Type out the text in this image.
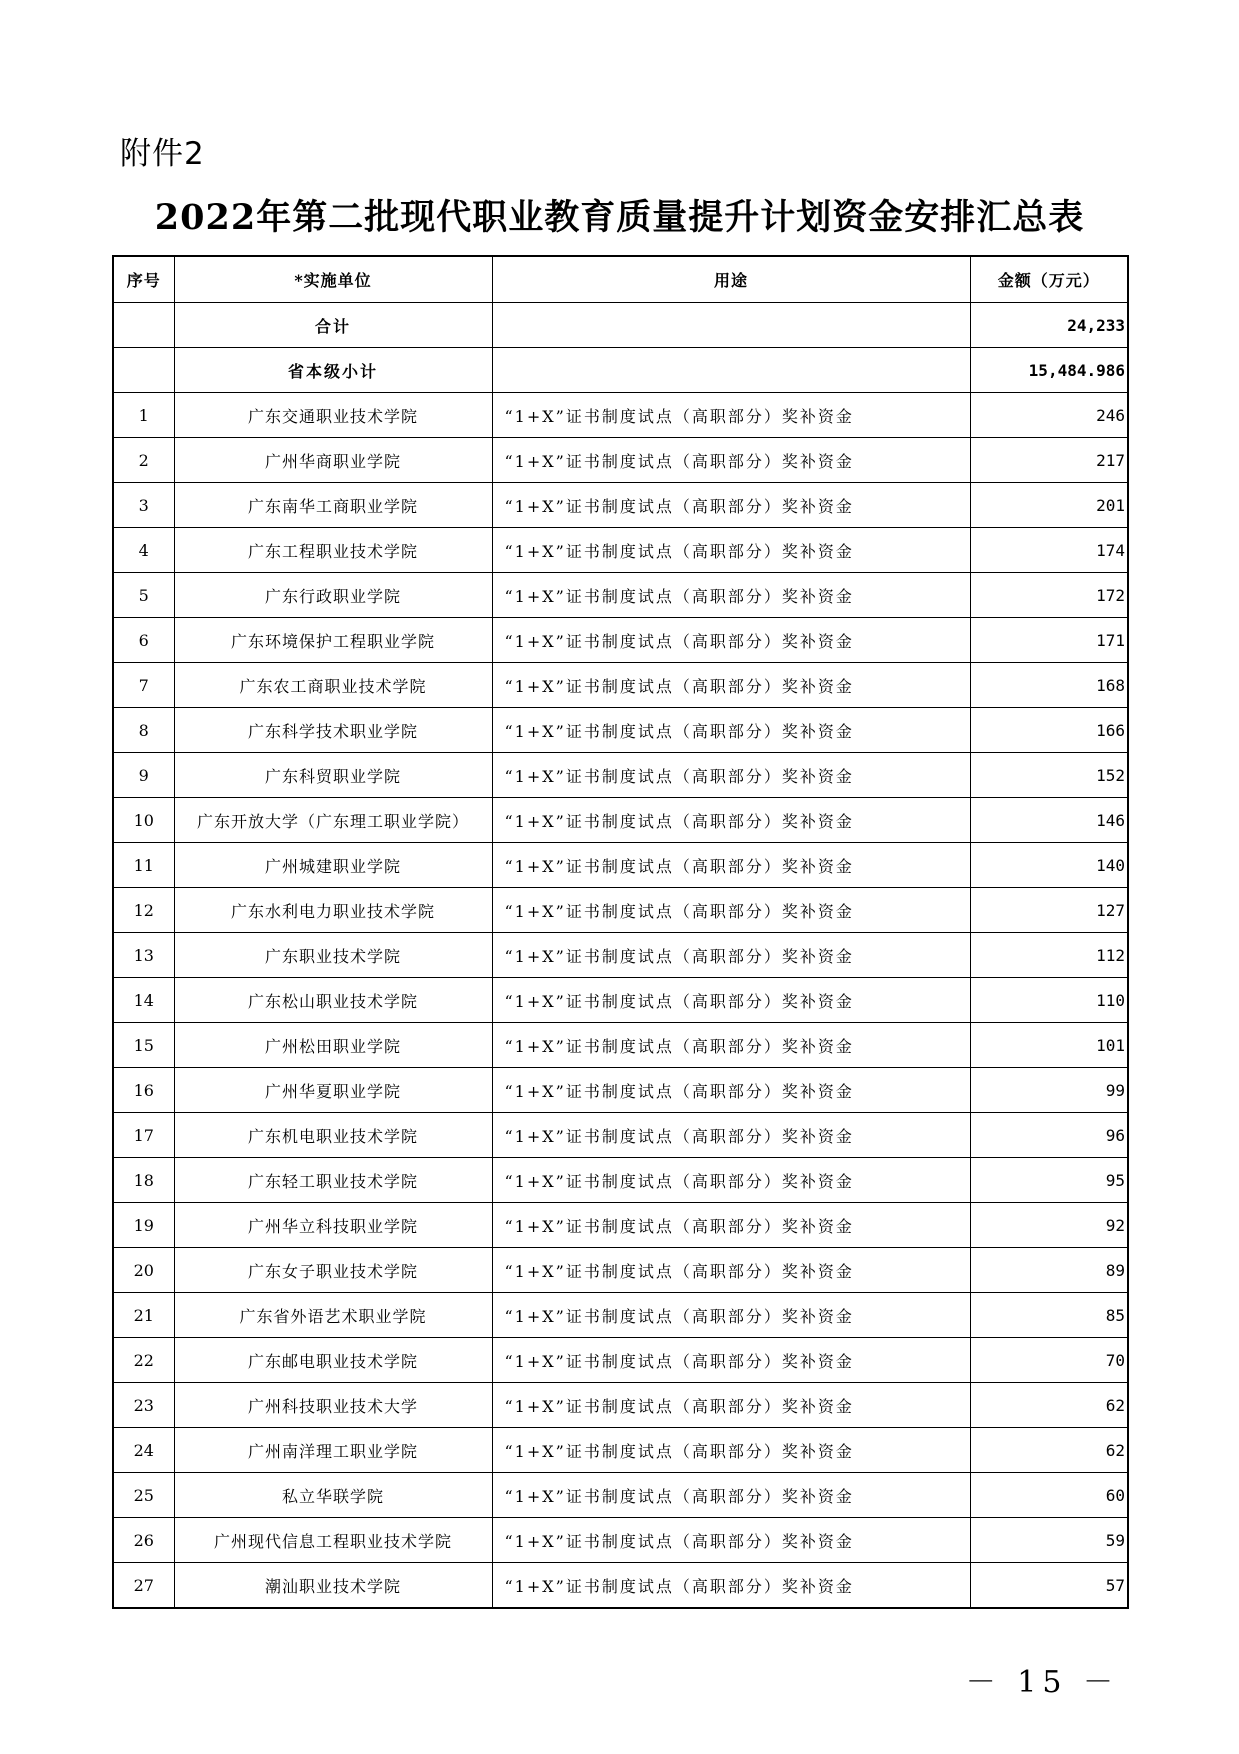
附件2
2022年第二批现代职业教育质量提升计划资金安排汇总表
序号	*实施单位	用途	金额（万元）
	合计		24,233
	省本级小计		15,484.986
1	广东交通职业技术学院	“1+X”证书制度试点（高职部分）奖补资金	246
2	广州华商职业学院	“1+X”证书制度试点（高职部分）奖补资金	217
3	广东南华工商职业学院	“1+X”证书制度试点（高职部分）奖补资金	201
4	广东工程职业技术学院	“1+X”证书制度试点（高职部分）奖补资金	174
5	广东行政职业学院	“1+X”证书制度试点（高职部分）奖补资金	172
6	广东环境保护工程职业学院	“1+X”证书制度试点（高职部分）奖补资金	171
7	广东农工商职业技术学院	“1+X”证书制度试点（高职部分）奖补资金	168
8	广东科学技术职业学院	“1+X”证书制度试点（高职部分）奖补资金	166
9	广东科贸职业学院	“1+X”证书制度试点（高职部分）奖补资金	152
10	广东开放大学（广东理工职业学院）	“1+X”证书制度试点（高职部分）奖补资金	146
11	广州城建职业学院	“1+X”证书制度试点（高职部分）奖补资金	140
12	广东水利电力职业技术学院	“1+X”证书制度试点（高职部分）奖补资金	127
13	广东职业技术学院	“1+X”证书制度试点（高职部分）奖补资金	112
14	广东松山职业技术学院	“1+X”证书制度试点（高职部分）奖补资金	110
15	广州松田职业学院	“1+X”证书制度试点（高职部分）奖补资金	101
16	广州华夏职业学院	“1+X”证书制度试点（高职部分）奖补资金	99
17	广东机电职业技术学院	“1+X”证书制度试点（高职部分）奖补资金	96
18	广东轻工职业技术学院	“1+X”证书制度试点（高职部分）奖补资金	95
19	广州华立科技职业学院	“1+X”证书制度试点（高职部分）奖补资金	92
20	广东女子职业技术学院	“1+X”证书制度试点（高职部分）奖补资金	89
21	广东省外语艺术职业学院	“1+X”证书制度试点（高职部分）奖补资金	85
22	广东邮电职业技术学院	“1+X”证书制度试点（高职部分）奖补资金	70
23	广州科技职业技术大学	“1+X”证书制度试点（高职部分）奖补资金	62
24	广州南洋理工职业学院	“1+X”证书制度试点（高职部分）奖补资金	62
25	私立华联学院	“1+X”证书制度试点（高职部分）奖补资金	60
26	广州现代信息工程职业技术学院	“1+X”证书制度试点（高职部分）奖补资金	59
27	潮汕职业技术学院	“1+X”证书制度试点（高职部分）奖补资金	57
－ 15 －
